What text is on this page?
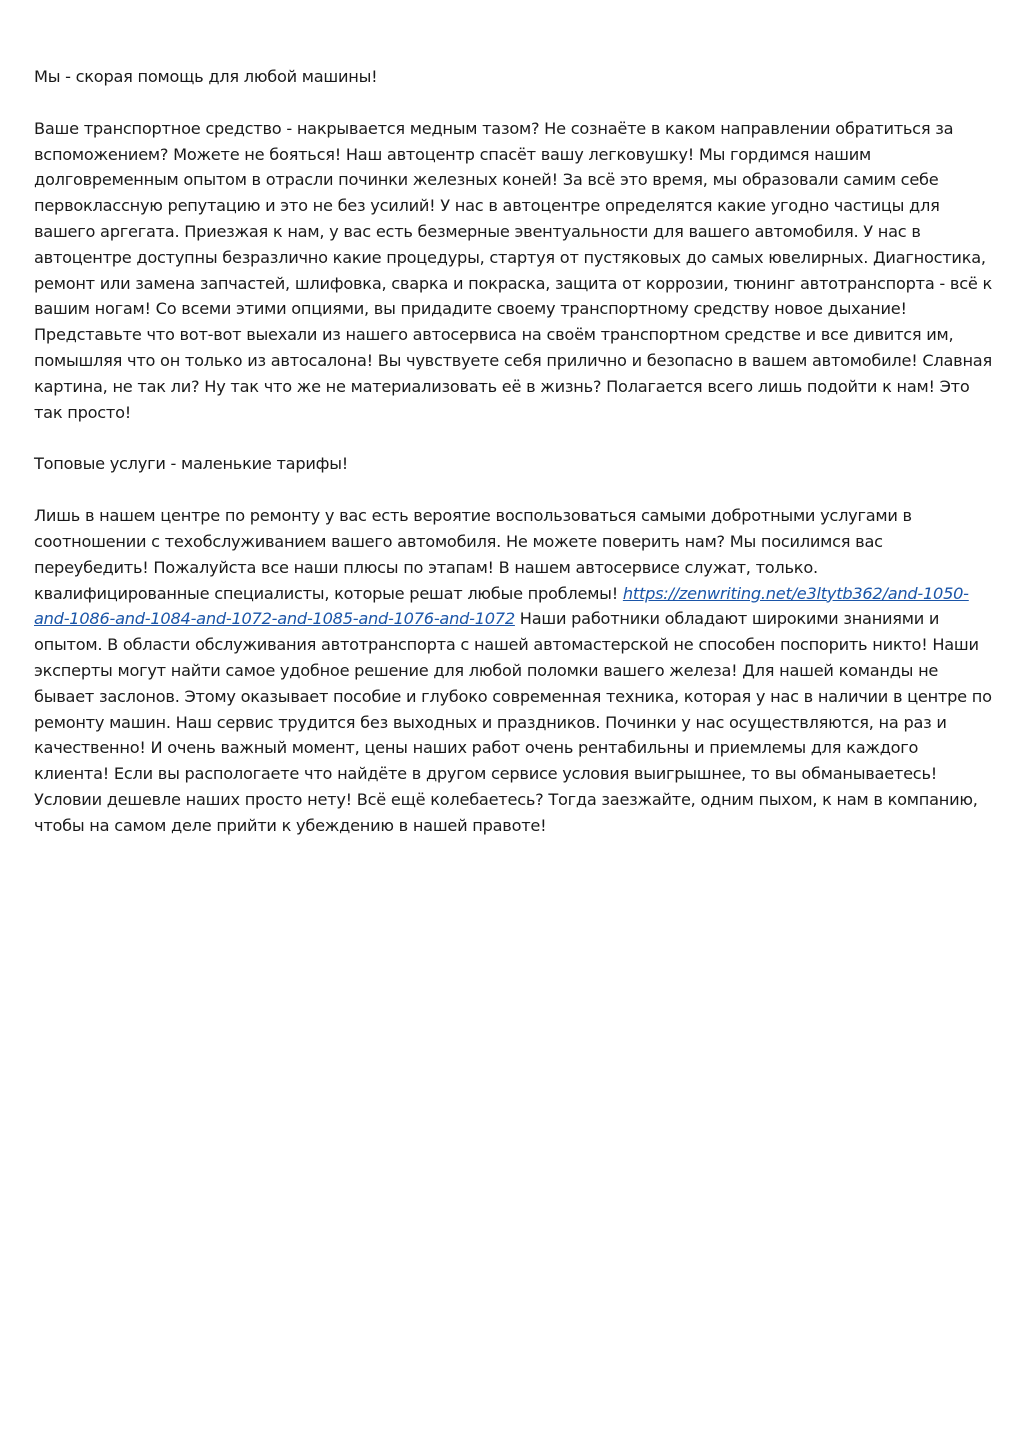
Мы - скорая помощь для любой машины!

Ваше транспортное средство - накрывается медным тазом? Не сознаёте в каком направлении обратиться за вспоможением? Можете не бояться! Наш автоцентр спасёт вашу легковушку! Мы гордимся нашим долговременным опытом в отрасли починки железных коней! За всё это время, мы образовали самим себе первоклассную репутацию и это не без усилий! У нас в автоцентре определятся какие угодно частицы для вашего аргегата. Приезжая к нам, у вас есть безмерные эвентуальности для вашего автомобиля. У нас в автоцентре доступны безразлично какие процедуры, стартуя от пустяковых до самых ювелирных. Диагностика, ремонт или замена запчастей, шлифовка, сварка и покраска, защита от коррозии, тюнинг автотранспорта - всё к вашим ногам! Со всеми этими опциями, вы придадите своему транспортному средству новое дыхание! Представьте что вот-вот выехали из нашего автосервиса на своём транспортном средстве и все дивится им, помышляя что он только из автосалона! Вы чувствуете себя прилично и безопасно в вашем автомобиле! Славная картина, не так ли? Ну так что же не материализовать её в жизнь? Полагается всего лишь подойти к нам! Это так просто!

Топовые услуги - маленькие тарифы!

Лишь в нашем центре по ремонту у вас есть вероятие воспользоваться самыми добротными услугами в соотношении с техобслуживанием вашего автомобиля. Не можете поверить нам? Мы посилимся вас переубедить! Пожалуйста все наши плюсы по этапам! В нашем автосервисе служат, только. квалифицированные специалисты, которые решат любые проблемы! https://zenwriting.net/e3ltytb362/and-1050-and-1086-and-1084-and-1072-and-1085-and-1076-and-1072 Наши работники обладают широкими знаниями и опытом. В области обслуживания автотранспорта с нашей автомастерской не способен поспорить никто! Наши эксперты могут найти самое удобное решение для любой поломки вашего железа! Для нашей команды не бывает заслонов. Этому оказывает пособие и глубоко современная техника, которая у нас в наличии в центре по ремонту машин. Наш сервис трудится без выходных и праздников. Починки у нас осуществляются, на раз и качественно! И очень важный момент, цены наших работ очень рентабильны и приемлемы для каждого клиента! Если вы распологаете что найдёте в другом сервисе условия выигрышнее, то вы обманываетесь! Условии дешевле наших просто нету! Всё ещё колебаетесь? Тогда заезжайте, одним пыхом, к нам в компанию, чтобы на самом деле прийти к убеждению в нашей правоте!
